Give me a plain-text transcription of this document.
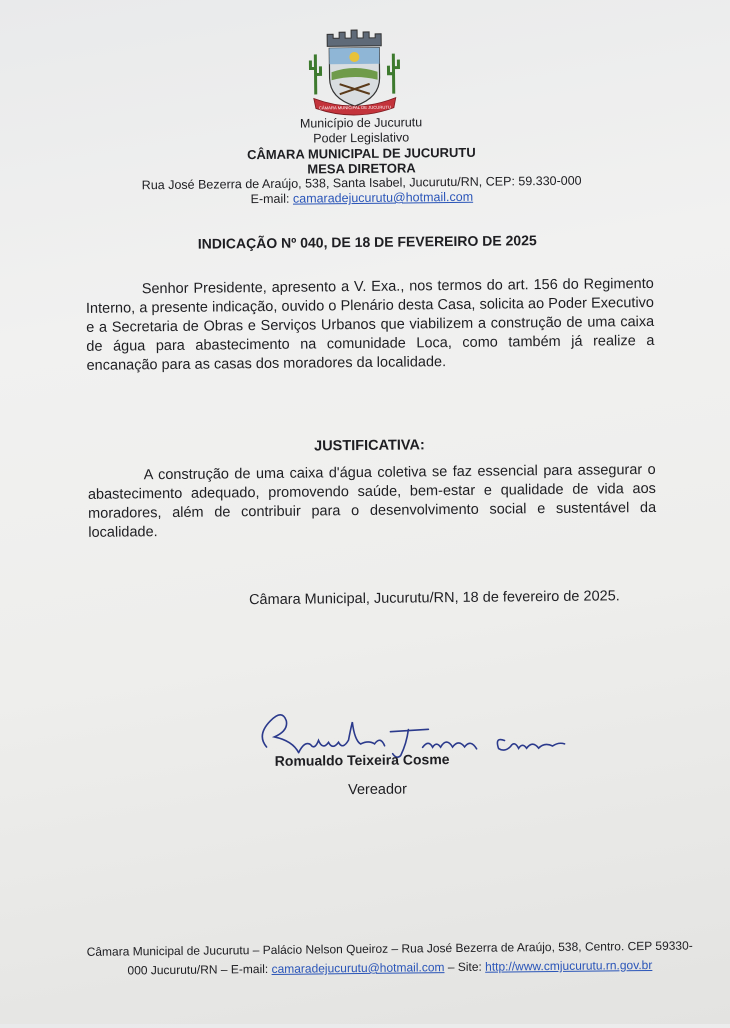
CÂMARA MUNICIPAL DE JUCURUTU
Município de Jucurutu
Poder Legislativo
CÂMARA MUNICIPAL DE JUCURUTU
MESA DIRETORA
Rua José Bezerra de Araújo, 538, Santa Isabel, Jucurutu/RN, CEP: 59.330-000
E-mail: camaradejucurutu@hotmail.com
INDICAÇÃO Nº 040, DE 18 DE FEVEREIRO DE 2025
Senhor Presidente, apresento a V. Exa., nos termos do art. 156 do Regimento Interno, a presente indicação, ouvido o Plenário desta Casa, solicita ao Poder Executivo e a Secretaria de Obras e Serviços Urbanos que viabilizem a construção de uma caixa de água para abastecimento na comunidade Loca, como também já realize a encanação para as casas dos moradores da localidade.
JUSTIFICATIVA:
A construção de uma caixa d'água coletiva se faz essencial para assegurar o abastecimento adequado, promovendo saúde, bem-estar e qualidade de vida aos moradores, além de contribuir para o desenvolvimento social e sustentável da localidade.
Câmara Municipal, Jucurutu/RN, 18 de fevereiro de 2025.
Romualdo Teixeira Cosme
Vereador
Câmara Municipal de Jucurutu – Palácio Nelson Queiroz – Rua José Bezerra de Araújo, 538, Centro. CEP 59330-000 Jucurutu/RN – E-mail: camaradejucurutu@hotmail.com – Site: http://www.cmjucurutu.rn.gov.br
